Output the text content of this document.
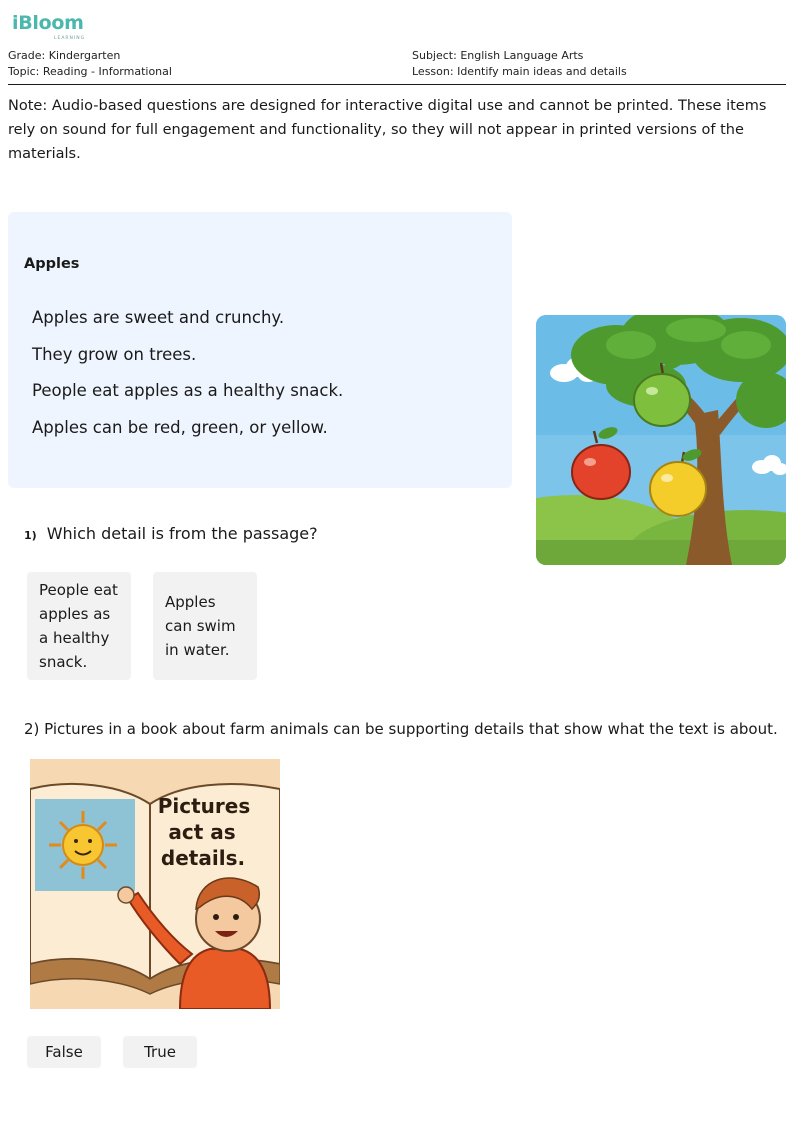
iBloom
LEARNING
Grade: Kindergarten
Topic: Reading - Informational
Subject: English Language Arts
Lesson: Identify main ideas and details
Note: Audio-based questions are designed for interactive digital use and cannot be printed. These items rely on sound for full engagement and functionality, so they will not appear in printed versions of the materials.
Apples
Apples are sweet and crunchy.
They grow on trees.
People eat apples as a healthy snack.
Apples can be red, green, or yellow.
1) Which detail is from the passage?
People eat
apples as
a healthy
snack.
Apples
can swim
in water.
2) Pictures in a book about farm animals can be supporting details that show what the text is about.
Pictures
act as
details.
False	True
